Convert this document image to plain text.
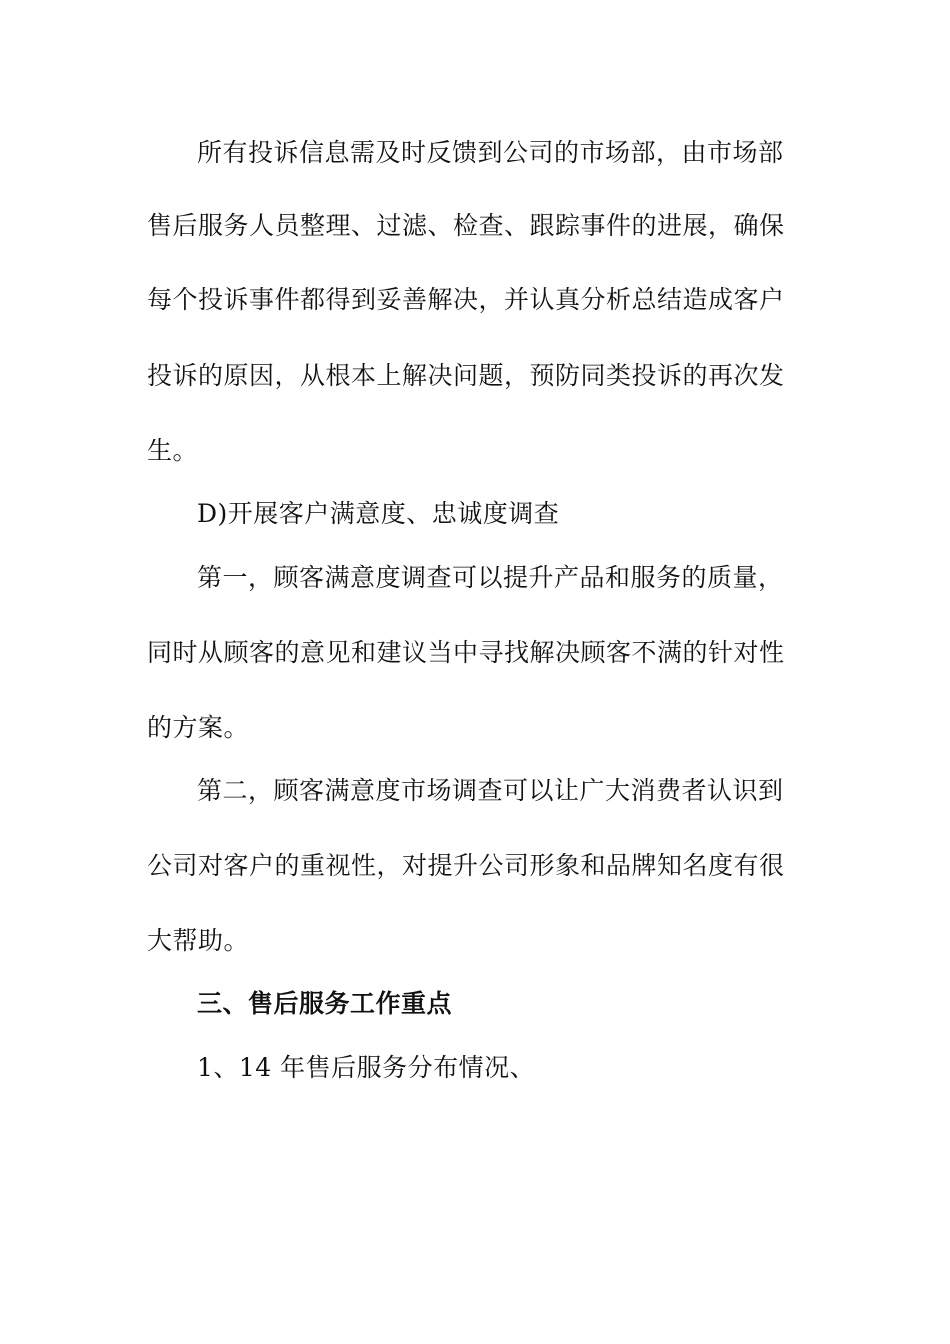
所有投诉信息需及时反馈到公司的市场部，由市场部
售后服务人员整理、过滤、检查、跟踪事件的进展，确保
每个投诉事件都得到妥善解决，并认真分析总结造成客户
投诉的原因，从根本上解决问题，预防同类投诉的再次发
生。
D)开展客户满意度、忠诚度调查
第一，顾客满意度调查可以提升产品和服务的质量，
同时从顾客的意见和建议当中寻找解决顾客不满的针对性
的方案。
第二，顾客满意度市场调查可以让广大消费者认识到
公司对客户的重视性，对提升公司形象和品牌知名度有很
大帮助。
三、售后服务工作重点
1、14 年售后服务分布情况、
